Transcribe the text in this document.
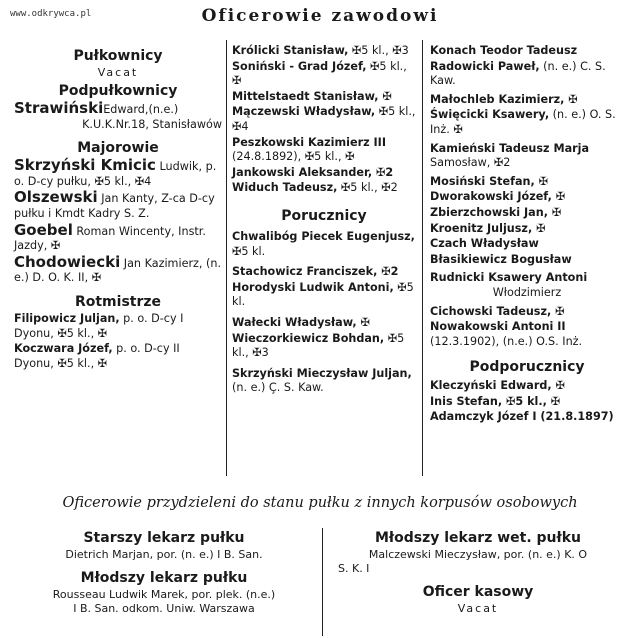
www.odkrywca.pl	Oficerowie zawodowi
Pułkownicy
Vacat
Podpułkownicy
StrawińskiEdward,(n.e.)
K.U.K.Nr.18, Stanisławów
Majorowie
Skrzyński Kmicic Ludwik, p. o. D-cy pułku, ✠5 kl., ✠4
Olszewski Jan Kanty, Z-ca D-cy pułku i Kmdt Kadry S. Z.
Goebel Roman Wincenty, Instr. Jazdy, ✠
Chodowiecki Jan Kazimierz, (n. e.) D. O. K. II, ✠
Rotmistrze
Filipowicz Juljan, p. o. D-cy I Dyonu, ✠5 kl., ✠
Koczwara Józef, p. o. D-cy II Dyonu, ✠5 kl., ✠
Królicki Stanisław, ✠5 kl., ✠3
Soniński - Grad Józef, ✠5 kl., ✠
Mittelstaedt Stanisław, ✠
Mączewski Władysław, ✠5 kl., ✠4
Peszkowski Kazimierz III (24.8.1892), ✠5 kl., ✠
Jankowski Aleksander, ✠2
Widuch Tadeusz, ✠5 kl., ✠2
Porucznicy
Chwalibóg Piecek Eugenjusz, ✠5 kl.
Stachowicz Franciszek, ✠2
Horodyski Ludwik Antoni, ✠5 kl.
Wałecki Władysław, ✠
Wieczorkiewicz Bohdan, ✠5 kl., ✠3
Skrzyński Mieczysław Juljan, (n. e.) Ç. S. Kaw.
Konach Teodor Tadeusz
Radowicki Paweł, (n. e.) C. S. Kaw.
Małochleb Kazimierz, ✠
Święcicki Ksawery, (n. e.) O. S. Inż. ✠
Kamieński Tadeusz Marja Samosław, ✠2
Mosiński Stefan, ✠
Dworakowski Józef, ✠
Zbierzchowski Jan, ✠
Kroenitz Juljusz, ✠
Czach Władysław
Błasikiewicz Bogusław
Rudnicki Ksawery Antoni
Włodzimierz
Cichowski Tadeusz, ✠
Nowakowski Antoni II (12.3.1902), (n.e.) O.S. Inż.
Podporucznicy
Kleczyński Edward, ✠
Inis Stefan, ✠5 kl., ✠
Adamczyk Józef I (21.8.1897)
Oficerowie przydzieleni do stanu pułku z innych korpusów osobowych
Starszy lekarz pułku
Dietrich Marjan, por. (n. e.) I B. San.
Młodszy lekarz pułku
Rousseau Ludwik Marek, por. plek. (n.e.)
I B. San. odkom. Uniw. Warszawa
Młodszy lekarz wet. pułku
Malczewski Mieczysław, por. (n. e.) K. O
S. K. I
Oficer kasowy
Vacat
